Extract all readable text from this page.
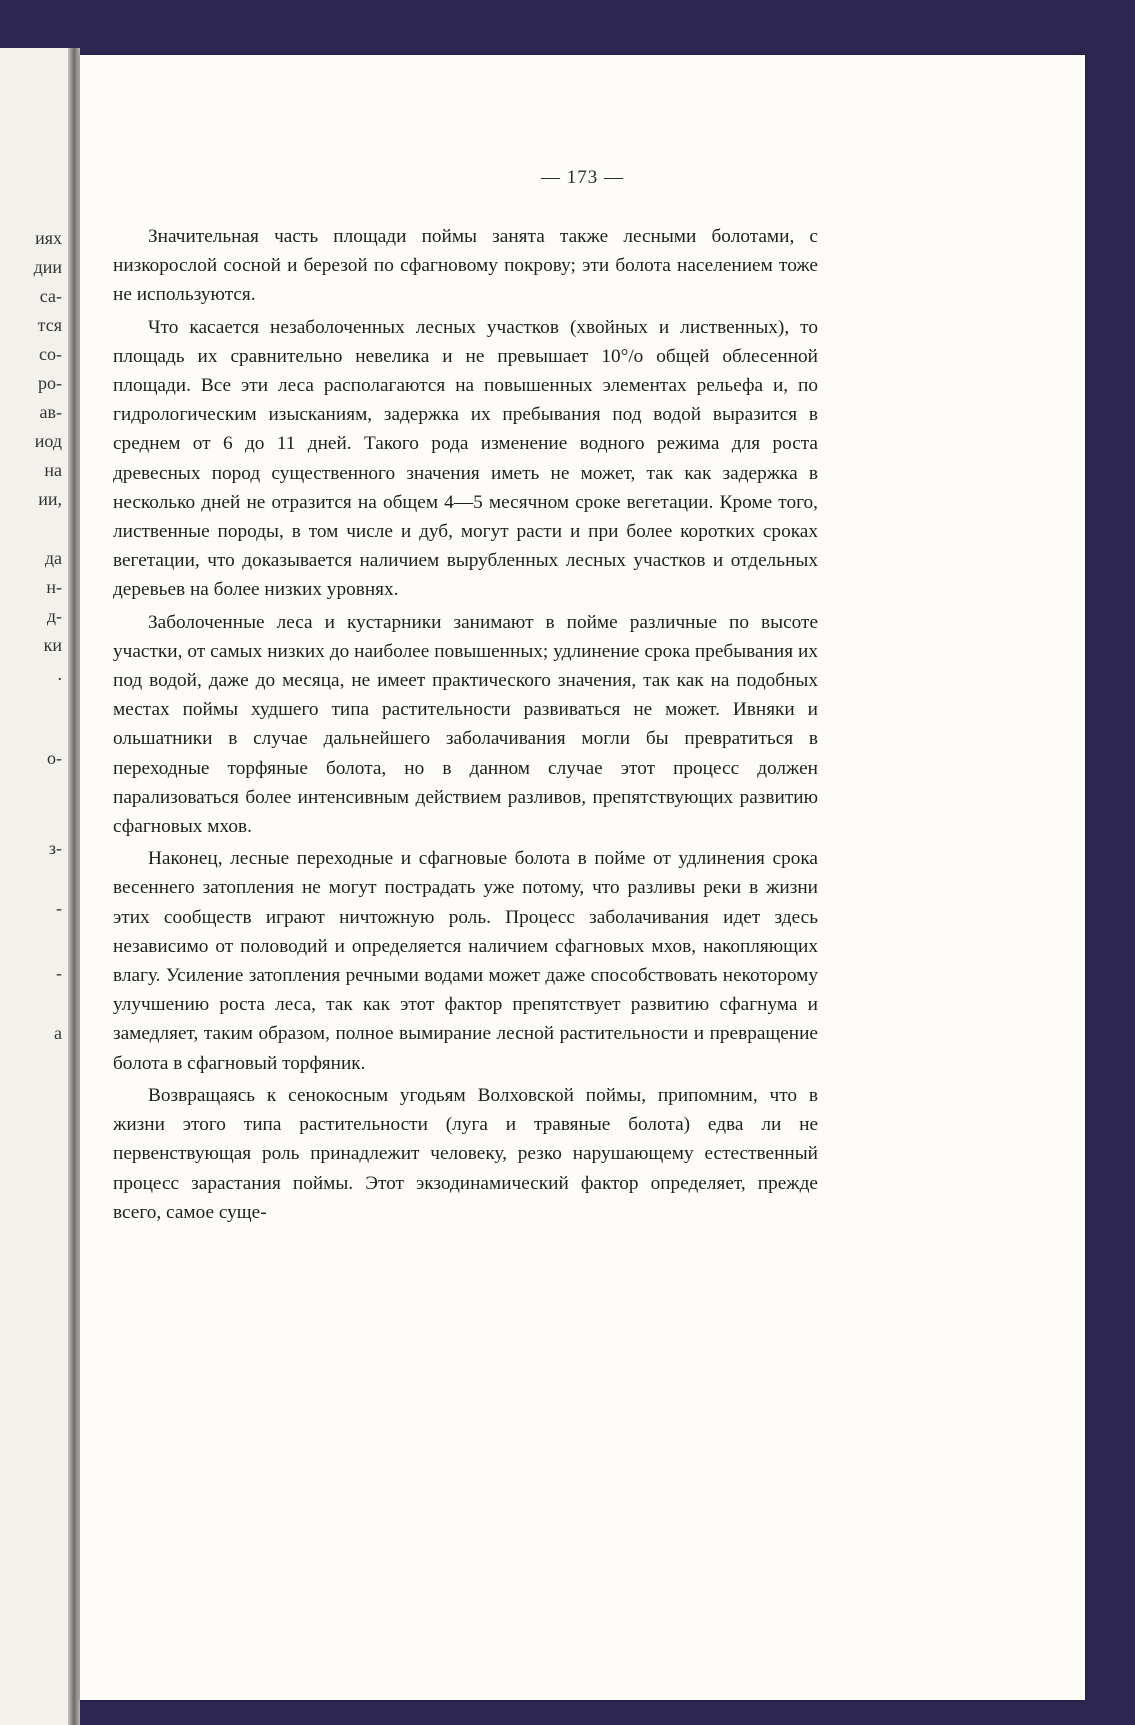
иях
дии
са-
тся
со-
ро-
ав-
иод
на
ии,
да
н-
д-
ки
.
о-
з-
-
-
а
— 173 —

Значительная часть площади поймы занята также лесными болотами, с низкорослой сосной и березой по сфагновому покрову; эти болота населением тоже не используются.

Что касается незаболоченных лесных участков (хвойных и лиственных), то площадь их сравнительно невелика и не превышает 10°/o общей облесенной площади. Все эти леса располагаются на повышенных элементах рельефа и, по гидрологическим изысканиям, задержка их пребывания под водой выразится в среднем от 6 до 11 дней. Такого рода изменение водного режима для роста древесных пород существенного значения иметь не может, так как задержка в несколько дней не отразится на общем 4—5 месячном сроке вегетации. Кроме того, лиственные породы, в том числе и дуб, могут расти и при более коротких сроках вегетации, что доказывается наличием вырубленных лесных участков и отдельных деревьев на более низких уровнях.

Заболоченные леса и кустарники занимают в пойме различные по высоте участки, от самых низких до наиболее повышенных; удлинение срока пребывания их под водой, даже до месяца, не имеет практического значения, так как на подобных местах поймы худшего типа растительности развиваться не может. Ивняки и ольшатники в случае дальнейшего заболачивания могли бы превратиться в переходные торфяные болота, но в данном случае этот процесс должен парализоваться более интенсивным действием разливов, препятствующих развитию сфагновых мхов.

Наконец, лесные переходные и сфагновые болота в пойме от удлинения срока весеннего затопления не могут пострадать уже потому, что разливы реки в жизни этих сообществ играют ничтожную роль. Процесс заболачивания идет здесь независимо от половодий и определяется наличием сфагновых мхов, накопляющих влагу. Усиление затопления речными водами может даже способствовать некоторому улучшению роста леса, так как этот фактор препятствует развитию сфагнума и замедляет, таким образом, полное вымирание лесной растительности и превращение болота в сфагновый торфяник.

Возвращаясь к сенокосным угодьям Волховской поймы, припомним, что в жизни этого типа растительности (луга и травяные болота) едва ли не первенствующая роль принадлежит человеку, резко нарушающему естественный процесс зарастания поймы. Этот экзодинамический фактор определяет, прежде всего, самое суще-
